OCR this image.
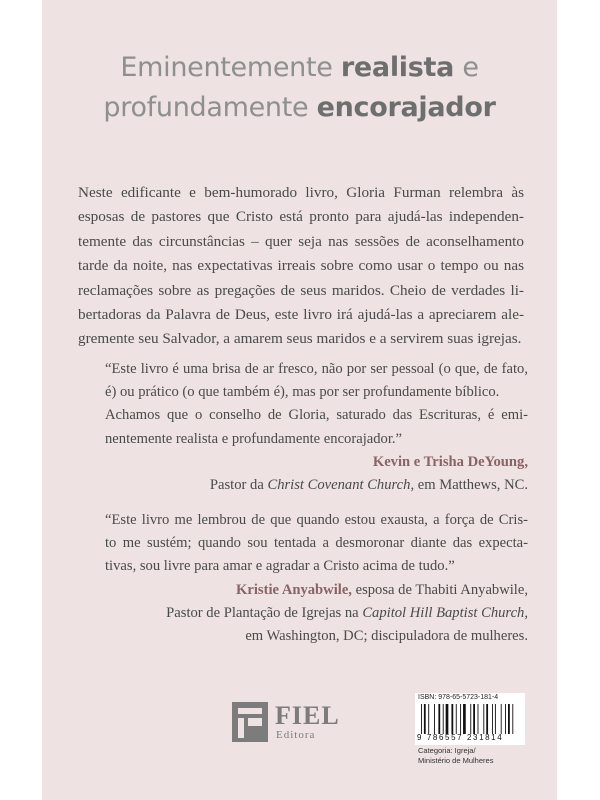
Eminentemente realista e
profundamente encorajador
Neste edificante e bem-humorado livro, Gloria Furman relembra às
esposas de pastores que Cristo está pronto para ajudá-las independen-
temente das circunstâncias – quer seja nas sessões de aconselhamento
tarde da noite, nas expectativas irreais sobre como usar o tempo ou nas
reclamações sobre as pregações de seus maridos. Cheio de verdades li-
bertadoras da Palavra de Deus, este livro irá ajudá-las a apreciarem ale-
gremente seu Salvador, a amarem seus maridos e a servirem suas igrejas.
“Este livro é uma brisa de ar fresco, não por ser pessoal (o que, de fato,
é) ou prático (o que também é), mas por ser profundamente bíblico.
Achamos que o conselho de Gloria, saturado das Escrituras, é emi-
nentemente realista e profundamente encorajador.”
Kevin e Trisha DeYoung,
Pastor da Christ Covenant Church, em Matthews, NC.
“Este livro me lembrou de que quando estou exausta, a força de Cris-
to me sustém; quando sou tentada a desmoronar diante das expecta-
tivas, sou livre para amar e agradar a Cristo acima de tudo.”
Kristie Anyabwile, esposa de Thabiti Anyabwile,
Pastor de Plantação de Igrejas na Capitol Hill Baptist Church,
em Washington, DC; discipuladora de mulheres.
FIEL
Editora
ISBN: 978-65-5723-181-4
9 786557 231814
Categoria: Igreja/
Ministério de Mulheres
